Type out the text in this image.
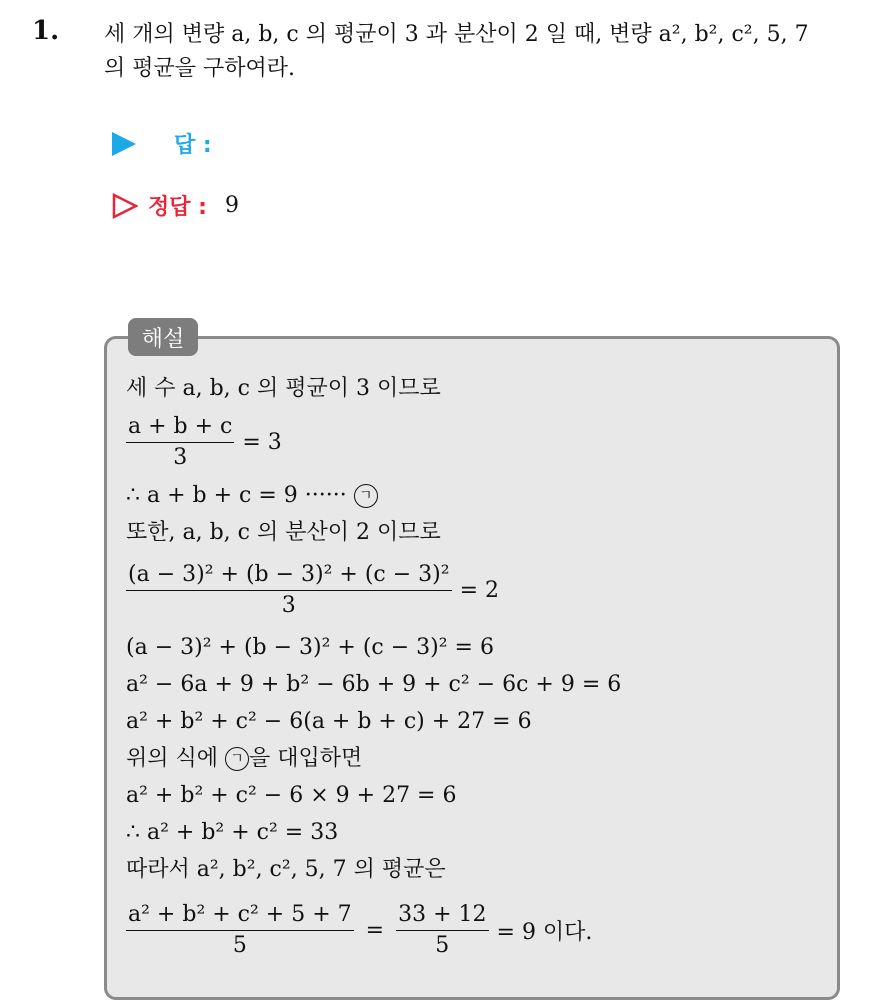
1. 세 개의 변량 a, b, c 의 평균이 3 과 분산이 2 일 때, 변량 a², b², c², 5, 7
의 평균을 구하여라.
답 :
정답 : 9
해설
세 수 a, b, c 의 평균이 3 이므로
$\frac{a + b + c}{3} = 3$
∴ a + b + c = 9 ······ ㄱ
또한, a, b, c 의 분산이 2 이므로
$\frac{\text{(a − 3)² + (b − 3)² + (c − 3)²}}{3} = 2$
(a − 3)² + (b − 3)² + (c − 3)² = 6
a² − 6a + 9 + b² − 6b + 9 + c² − 6c + 9 = 6
a² + b² + c² − 6(a + b + c) + 27 = 6
위의 식에 ㄱ 을 대입하면
a² + b² + c² − 6 × 9 + 27 = 6
∴ a² + b² + c² = 33
따라서 a², b², c², 5, 7 의 평균은
$\frac{\text{a² + b² + c² + 5 + 7}}{5} = \frac{33 + 12}{5} = 9$ 이다.
